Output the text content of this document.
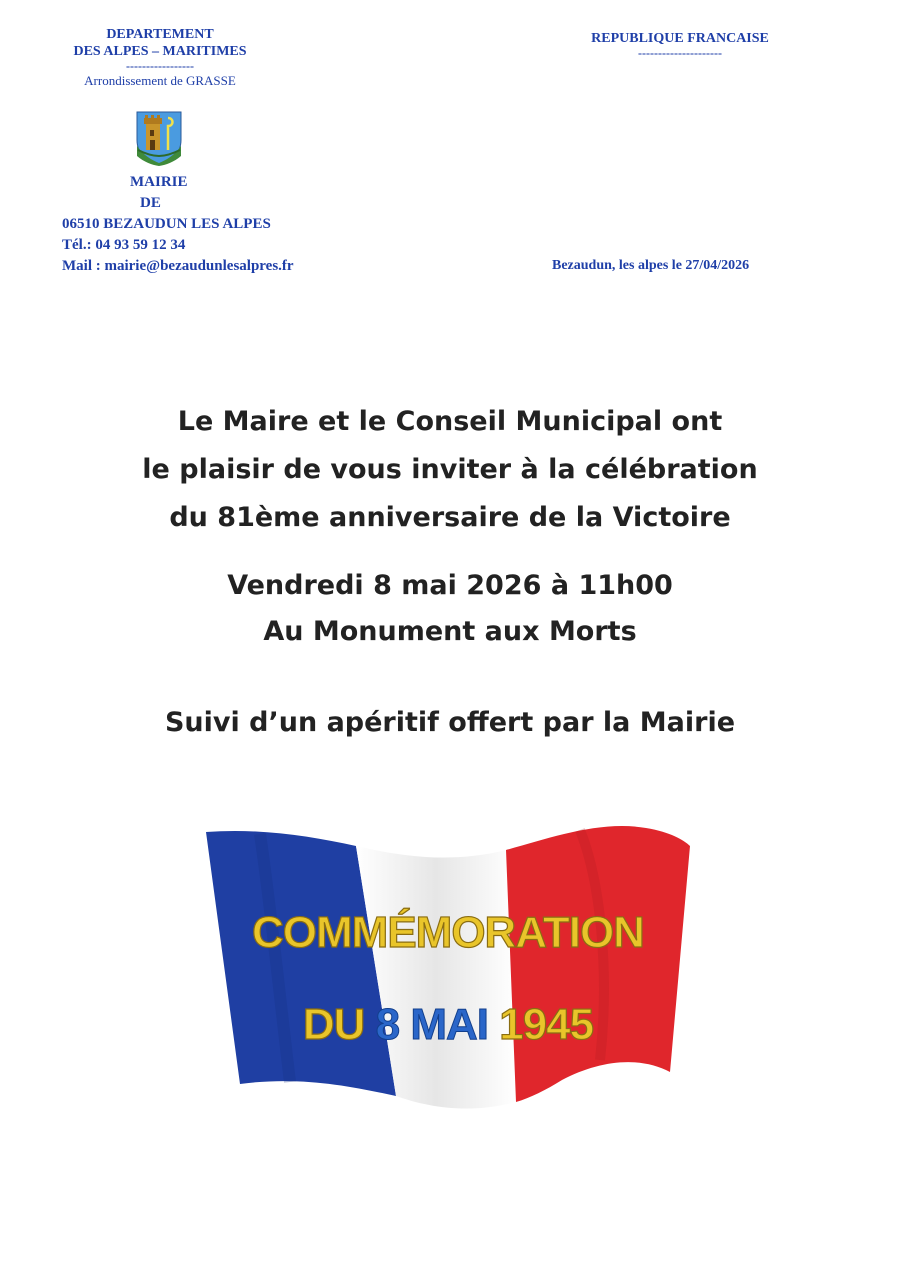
DEPARTEMENT
DES ALPES – MARITIMES
-----------------
Arrondissement de GRASSE
MAIRIE
DE
06510 BEZAUDUN LES ALPES
Tél.: 04 93 59 12 34
Mail : mairie@bezaudunlesalpres.fr
REPUBLIQUE FRANCAISE
---------------------
Bezaudun, les alpes le 27/04/2026
Le Maire et le Conseil Municipal ont
le plaisir de vous inviter à la célébration
du 81ème anniversaire de la Victoire
Vendredi 8 mai 2026 à 11h00
Au Monument aux Morts
Suivi d’un apéritif offert par la Mairie
COMMÉMORATION
DU 8 MAI 1945
